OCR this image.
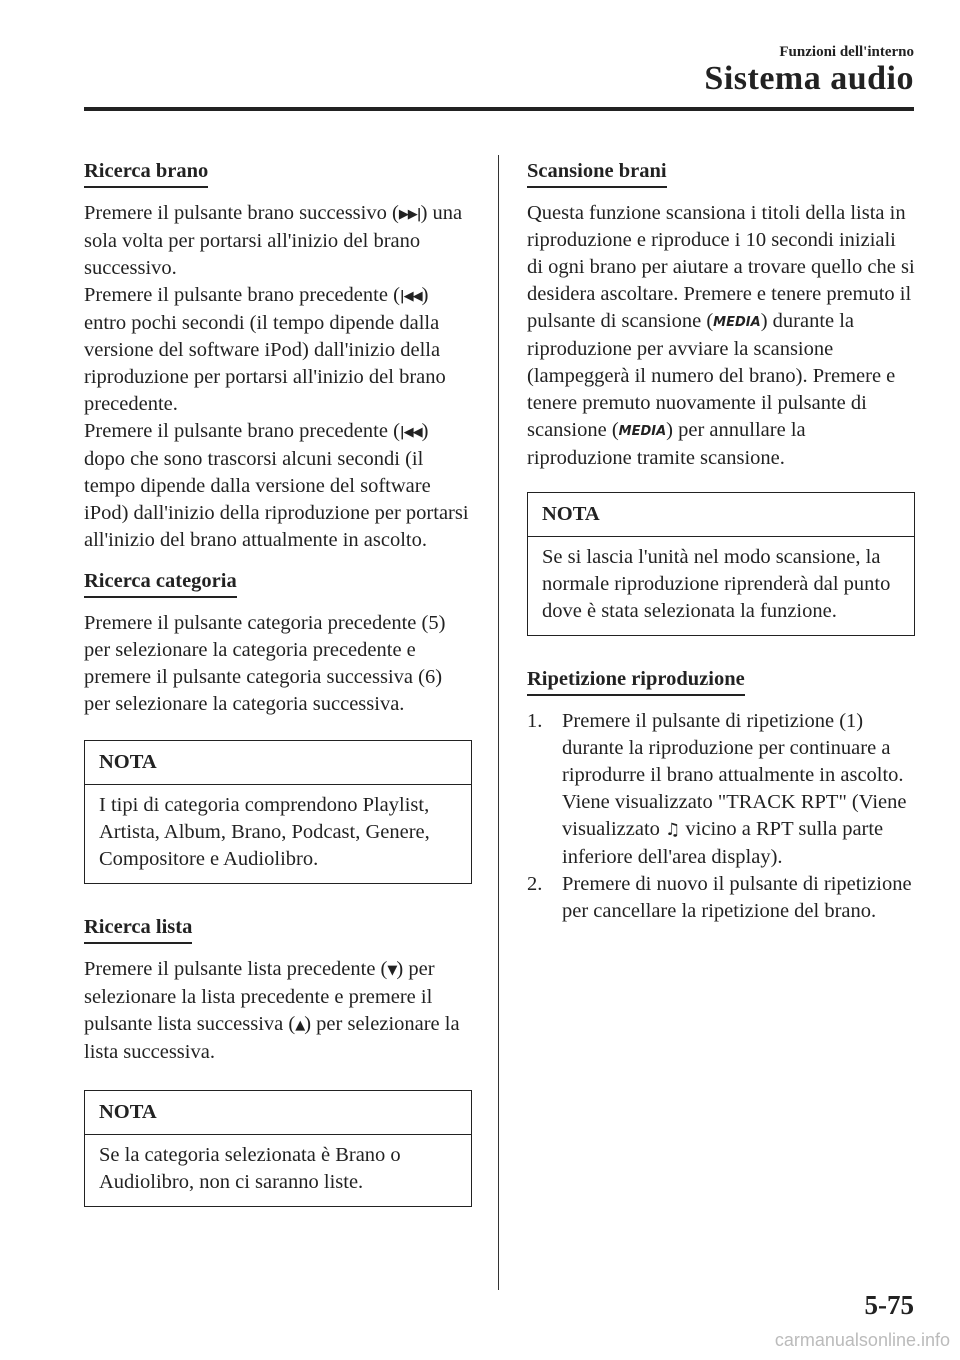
Funzioni dell'interno
Sistema audio
Ricerca brano

Premere il pulsante brano successivo (▶▶|) una sola volta per portarsi all'inizio del brano successivo.

Premere il pulsante brano precedente (|◀◀) entro pochi secondi (il tempo dipende dalla versione del software iPod) dall'inizio della riproduzione per portarsi all'inizio del brano precedente.

Premere il pulsante brano precedente (|◀◀) dopo che sono trascorsi alcuni secondi (il tempo dipende dalla versione del software iPod) dall'inizio della riproduzione per portarsi all'inizio del brano attualmente in ascolto.

Ricerca categoria

Premere il pulsante categoria precedente (5) per selezionare la categoria precedente e premere il pulsante categoria successiva (6) per selezionare la categoria successiva.

NOTA
I tipi di categoria comprendono Playlist, Artista, Album, Brano, Podcast, Genere, Compositore e Audiolibro.
Ricerca lista

Premere il pulsante lista precedente (▼) per selezionare la lista precedente e premere il pulsante lista successiva (▲) per selezionare la lista successiva.

NOTA
Se la categoria selezionata è Brano o Audiolibro, non ci saranno liste.
Scansione brani

Questa funzione scansiona i titoli della lista in riproduzione e riproduce i 10 secondi iniziali di ogni brano per aiutare a trovare quello che si desidera ascoltare. Premere e tenere premuto il pulsante di scansione (MEDIA) durante la riproduzione per avviare la scansione (lampeggerà il numero del brano). Premere e tenere premuto nuovamente il pulsante di scansione (MEDIA) per annullare la riproduzione tramite scansione.

NOTA
Se si lascia l'unità nel modo scansione, la normale riproduzione riprenderà dal punto dove è stata selezionata la funzione.
Ripetizione riproduzione
1. Premere il pulsante di ripetizione (1) durante la riproduzione per continuare a riprodurre il brano attualmente in ascolto. Viene visualizzato "TRACK RPT" (Viene visualizzato ♫ vicino a RPT sulla parte inferiore dell'area display).
2. Premere di nuovo il pulsante di ripetizione per cancellare la ripetizione del brano.
5-75
carmanualsonline.info
